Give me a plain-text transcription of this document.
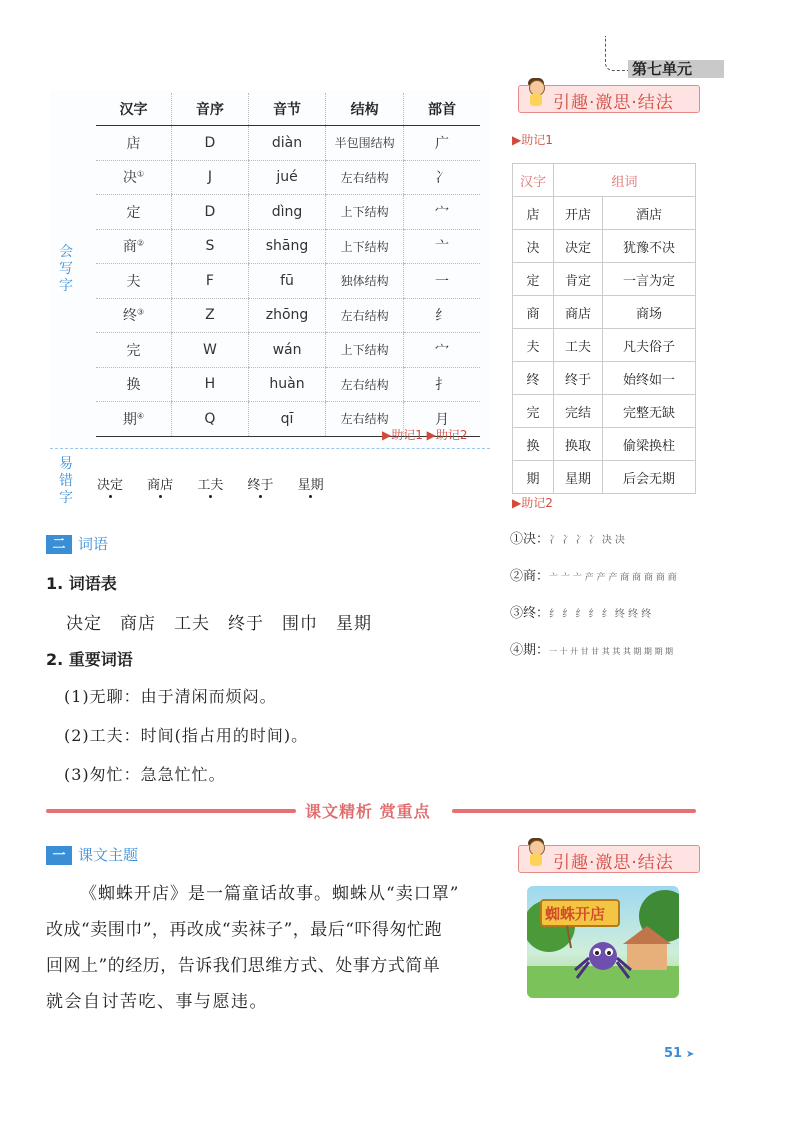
第七单元
引趣·激思·结法
▶助记1
会
写
字
汉字	音序	音节	结构	部首
店	D	diàn	半包围结构	广
决①	J	jué	左右结构	冫
定	D	dìng	上下结构	宀
商②	S	shāng	上下结构	亠
夫	F	fū	独体结构	一
终③	Z	zhōng	左右结构	纟
完	W	wán	上下结构	宀
换	H	huàn	左右结构	扌
期④	Q	qī	左右结构	月
▶助记1 ▶助记2
易
错
字
决定 商店 工夫 终于 星期
汉字	组词	
店	开店	酒店
决	决定	犹豫不决
定	肯定	一言为定
商	商店	商场
夫	工夫	凡夫俗子
终	终于	始终如一
完	完结	完整无缺
换	换取	偷梁换柱
期	星期	后会无期
▶助记2
①决：冫 冫 冫 冫 决 决
②商：亠 亠 亠 产 产 产 商 商 商 商 商
③终：纟 纟 纟 纟 纟 终 终 终
④期：一 十 廾 甘 甘 其 其 其 期 期 期 期
二 词语
1. 词语表
决定　商店　工夫　终于　围巾　星期
2. 重要词语
(1)无聊：由于清闲而烦闷。
(2)工夫：时间(指占用的时间)。
(3)匆忙：急急忙忙。
课文精析 赏重点
一 课文主题
《蜘蛛开店》是一篇童话故事。蜘蛛从“卖口罩”
改成“卖围巾”，再改成“卖袜子”，最后“吓得匆忙跑
回网上”的经历，告诉我们思维方式、处事方式简单
就会自讨苦吃、事与愿违。
引趣·激思·结法
蜘蛛开店
51 ➤
